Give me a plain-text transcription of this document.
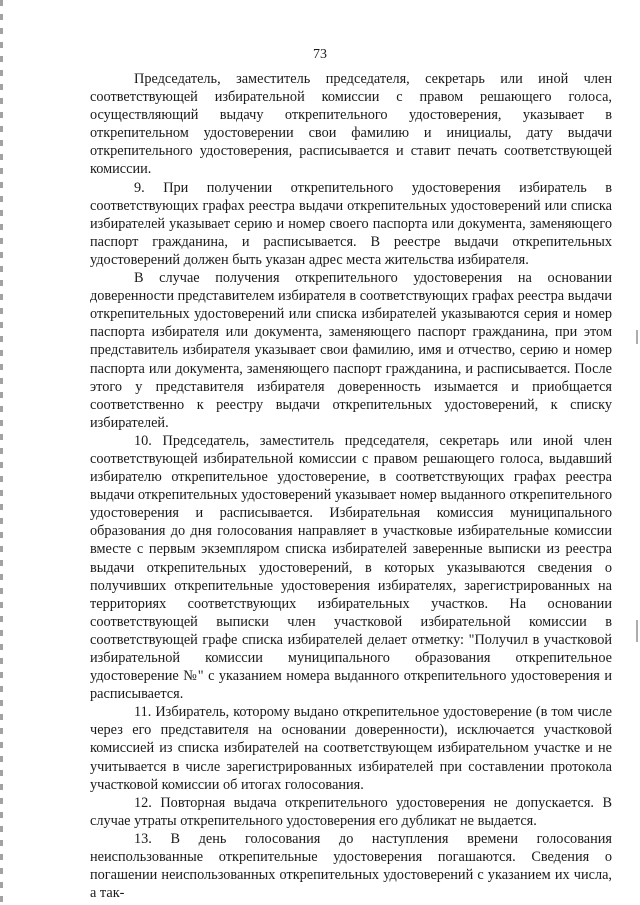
73

Председатель, заместитель председателя, секретарь или иной член соответствующей избирательной комиссии с правом решающего голоса, осуществляющий выдачу открепительного удостоверения, указывает в открепительном удостоверении свои фамилию и инициалы, дату выдачи открепительного удостоверения, расписывается и ставит печать соответствующей комиссии.

9. При получении открепительного удостоверения избиратель в соответствующих графах реестра выдачи открепительных удостоверений или списка избирателей указывает серию и номер своего паспорта или документа, заменяющего паспорт гражданина, и расписывается. В реестре выдачи открепительных удостоверений должен быть указан адрес места жительства избирателя.

В случае получения открепительного удостоверения на основании доверенности представителем избирателя в соответствующих графах реестра выдачи открепительных удостоверений или списка избирателей указываются серия и номер паспорта избирателя или документа, заменяющего паспорт гражданина, при этом представитель избирателя указывает свои фамилию, имя и отчество, серию и номер паспорта или документа, заменяющего паспорт гражданина, и расписывается. После этого у представителя избирателя доверенность изымается и приобщается соответственно к реестру выдачи открепительных удостоверений, к списку избирателей.

10. Председатель, заместитель председателя, секретарь или иной член соответствующей избирательной комиссии с правом решающего голоса, выдавший избирателю открепительное удостоверение, в соответствующих графах реестра выдачи открепительных удостоверений указывает номер выданного открепительного удостоверения и расписывается. Избирательная комиссия муниципального образования до дня голосования направляет в участковые избирательные комиссии вместе с первым экземпляром списка избирателей заверенные выписки из реестра выдачи открепительных удостоверений, в которых указываются сведения о получивших открепительные удостоверения избирателях, зарегистрированных на территориях соответствующих избирательных участков. На основании соответствующей выписки член участковой избирательной комиссии в соответствующей графе списка избирателей делает отметку: "Получил в участковой избирательной комиссии муниципального образования открепительное удостоверение №" с указанием номера выданного открепительного удостоверения и расписывается.

11. Избиратель, которому выдано открепительное удостоверение (в том числе через его представителя на основании доверенности), исключается участковой комиссией из списка избирателей на соответствующем избирательном участке и не учитывается в числе зарегистрированных избирателей при составлении протокола участковой комиссии об итогах голосования.

12. Повторная выдача открепительного удостоверения не допускается. В случае утраты открепительного удостоверения его дубликат не выдается.

13. В день голосования до наступления времени голосования неиспользованные открепительные удостоверения погашаются. Сведения о погашении неиспользованных открепительных удостоверений с указанием их числа, а так-
